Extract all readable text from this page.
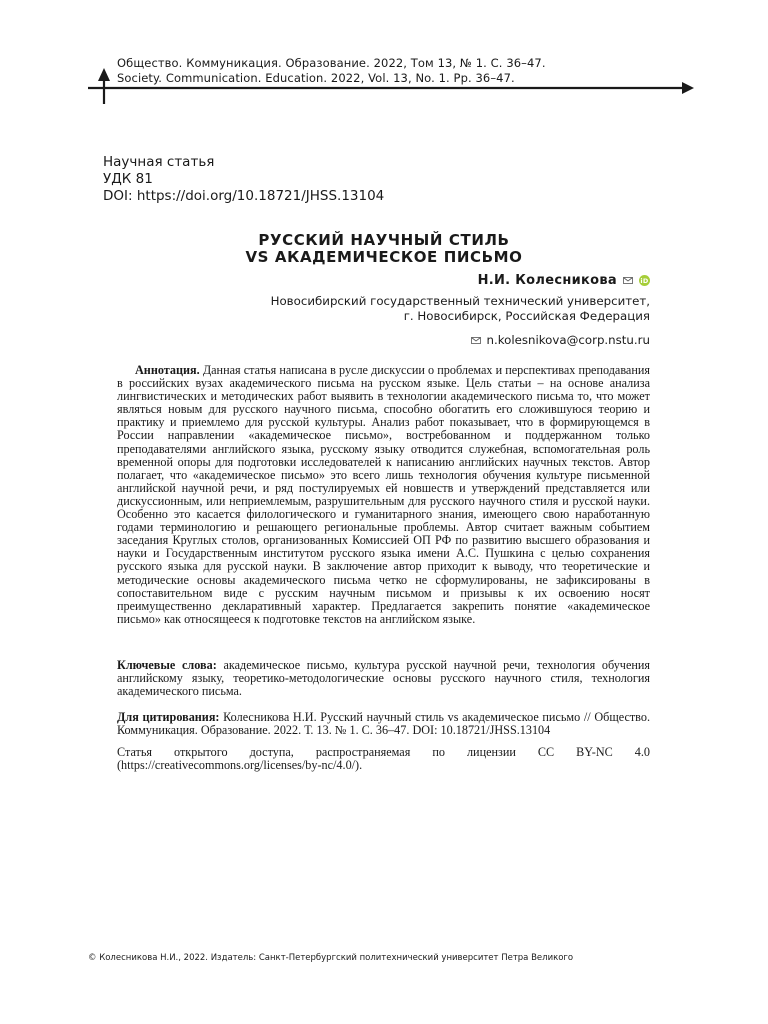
Общество. Коммуникация. Образование. 2022, Том 13, № 1. С. 36–47.
Society. Communication. Education. 2022, Vol. 13, No. 1. Pp. 36–47.
Научная статья
УДК 81
DOI: https://doi.org/10.18721/JHSS.13104
РУССКИЙ НАУЧНЫЙ СТИЛЬ
VS АКАДЕМИЧЕСКОЕ ПИСЬМО
Н.И. Колесникова	iD
Новосибирский государственный технический университет,
г. Новосибирск, Российская Федерация
n.kolesnikova@corp.nstu.ru
Аннотация. Данная статья написана в русле дискуссии о проблемах и перспективах преподавания в российских вузах академического письма на русском языке. Цель статьи – на основе анализа лингвистических и методических работ выявить в технологии академического письма то, что может являться новым для русского научного письма, способно обогатить его сложившуюся теорию и практику и приемлемо для русской культуры. Анализ работ показывает, что в формирующемся в России направлении «академическое письмо», востребованном и поддержанном только преподавателями английского языка, русскому языку отводится служебная, вспомогательная роль временной опоры для подготовки исследователей к написанию английских научных текстов. Автор полагает, что «академическое письмо» это всего лишь технология обучения культуре письменной английской научной речи, и ряд постулируемых ей новшеств и утверждений представляется или дискуссионным, или неприемлемым, разрушительным для русского научного стиля и русской науки. Особенно это касается филологического и гуманитарного знания, имеющего свою наработанную годами терминологию и решающего региональные проблемы. Автор считает важным событием заседания Круглых столов, организованных Комиссией ОП РФ по развитию высшего образования и науки и Государственным институтом русского языка имени А.С. Пушкина с целью сохранения русского языка для русской науки. В заключение автор приходит к выводу, что теоретические и методические основы академического письма четко не сформулированы, не зафиксированы в сопоставительном виде с русским научным письмом и призывы к их освоению носят преимущественно декларативный характер. Предлагается закрепить понятие «академическое письмо» как относящееся к подготовке текстов на английском языке.
Ключевые слова: академическое письмо, культура русской научной речи, технология обучения английскому языку, теоретико-методологические основы русского научного стиля, технология академического письма.
Для цитирования: Колесникова Н.И. Русский научный стиль vs академическое письмо // Общество. Коммуникация. Образование. 2022. Т. 13. № 1. С. 36–47. DOI: 10.18721/JHSS.13104
Статья открытого доступа, распространяемая по лицензии CC BY-NC 4.0 (https://creativecommons.org/licenses/by-nc/4.0/).
© Колесникова Н.И., 2022. Издатель: Санкт-Петербургский политехнический университет Петра Великого
